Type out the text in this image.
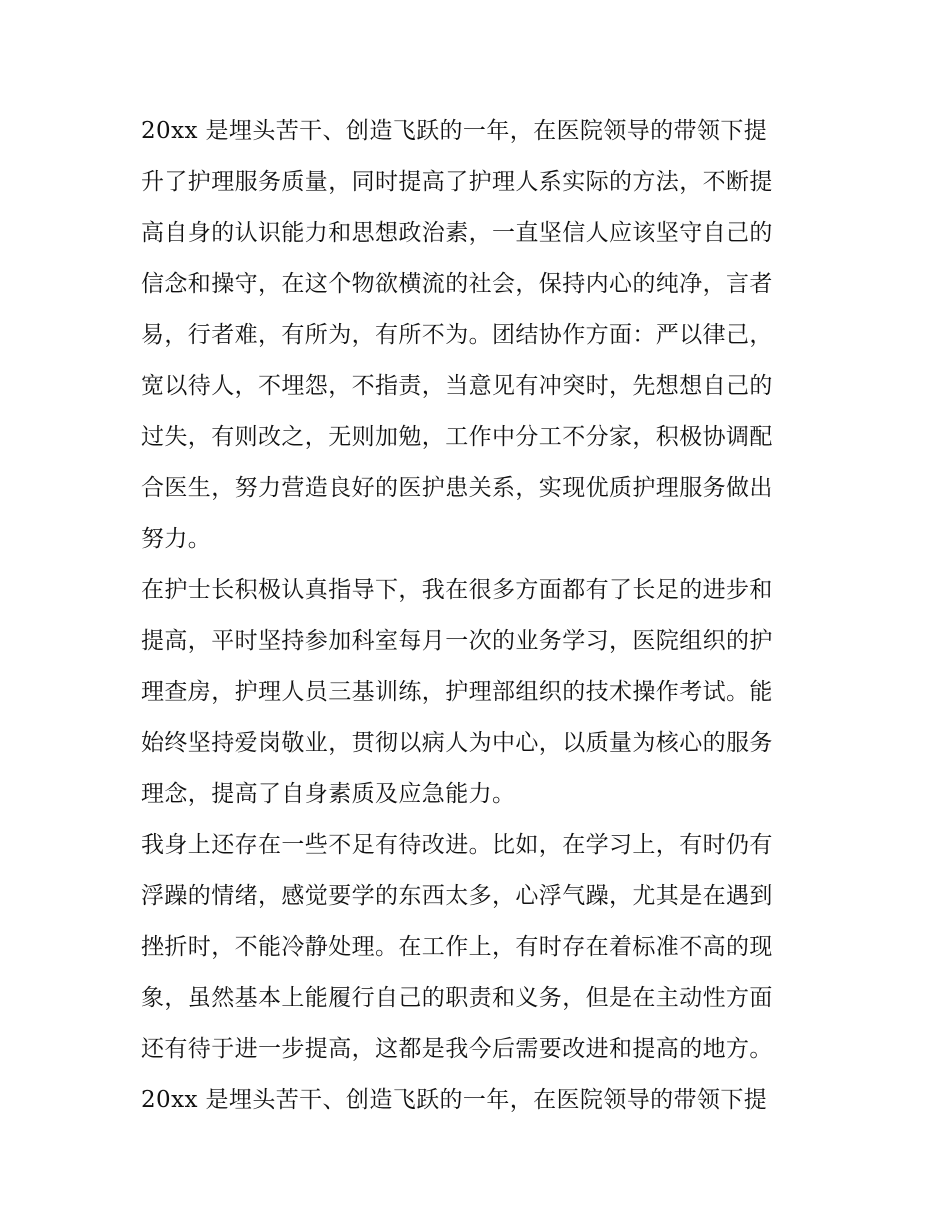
20xx 是埋头苦干、创造飞跃的一年，在医院领导的带领下提
升了护理服务质量，同时提高了护理人系实际的方法，不断提
高自身的认识能力和思想政治素，一直坚信人应该坚守自己的
信念和操守，在这个物欲横流的社会，保持内心的纯净，言者
易，行者难，有所为，有所不为。团结协作方面：严以律己，
宽以待人，不埋怨，不指责，当意见有冲突时，先想想自己的
过失，有则改之，无则加勉，工作中分工不分家，积极协调配
合医生，努力营造良好的医护患关系，实现优质护理服务做出
努力。
在护士长积极认真指导下，我在很多方面都有了长足的进步和
提高，平时坚持参加科室每月一次的业务学习，医院组织的护
理查房，护理人员三基训练，护理部组织的技术操作考试。能
始终坚持爱岗敬业，贯彻以病人为中心，以质量为核心的服务
理念，提高了自身素质及应急能力。
我身上还存在一些不足有待改进。比如，在学习上，有时仍有
浮躁的情绪，感觉要学的东西太多，心浮气躁，尤其是在遇到
挫折时，不能冷静处理。在工作上，有时存在着标准不高的现
象，虽然基本上能履行自己的职责和义务，但是在主动性方面
还有待于进一步提高，这都是我今后需要改进和提高的地方。
20xx 是埋头苦干、创造飞跃的一年，在医院领导的带领下提
